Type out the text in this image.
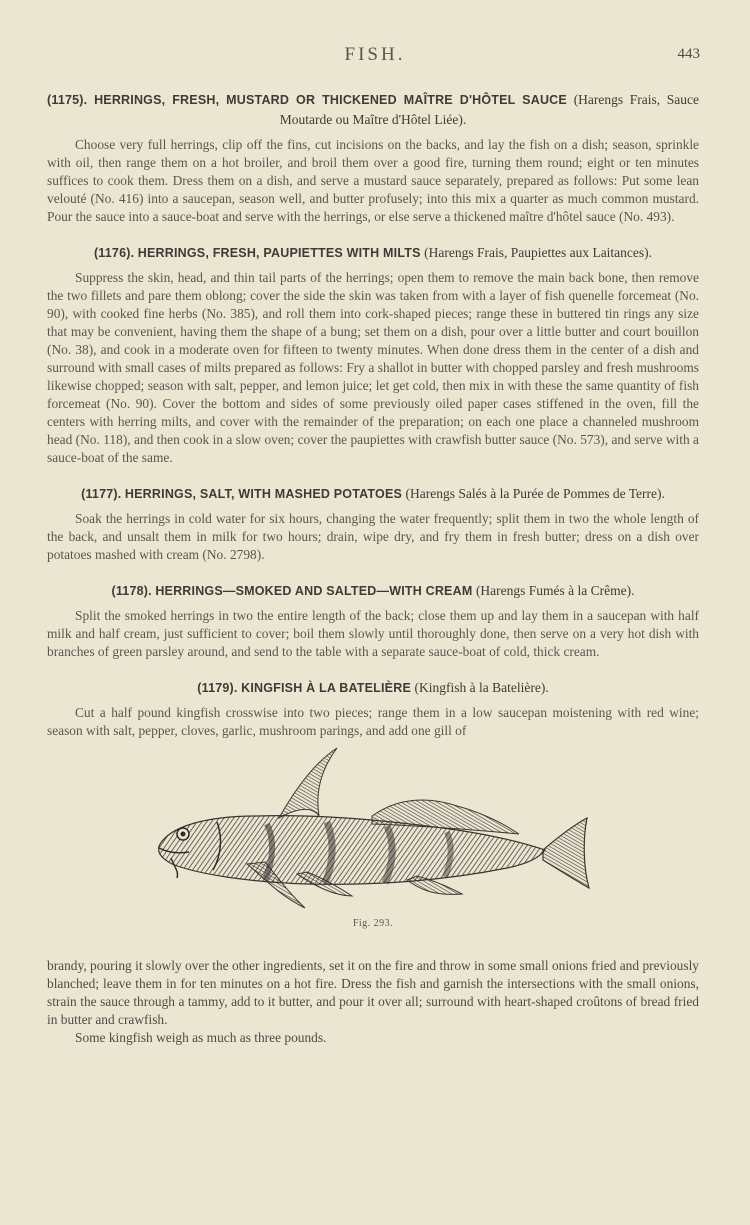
FISH.	443

(1175). HERRINGS, FRESH, MUSTARD OR THICKENED MAÎTRE D'HÔTEL SAUCE (Harengs Frais, Sauce Moutarde ou Maître d'Hôtel Liée).

Choose very full herrings, clip off the fins, cut incisions on the backs, and lay the fish on a dish; season, sprinkle with oil, then range them on a hot broiler, and broil them over a good fire, turning them round; eight or ten minutes suffices to cook them. Dress them on a dish, and serve a mustard sauce separately, prepared as follows: Put some lean velouté (No. 416) into a saucepan, season well, and butter profusely; into this mix a quarter as much common mustard. Pour the sauce into a sauce-boat and serve with the herrings, or else serve a thickened maître d'hôtel sauce (No. 493).

(1176). HERRINGS, FRESH, PAUPIETTES WITH MILTS (Harengs Frais, Paupiettes aux Laitances).

Suppress the skin, head, and thin tail parts of the herrings; open them to remove the main back bone, then remove the two fillets and pare them oblong; cover the side the skin was taken from with a layer of fish quenelle forcemeat (No. 90), with cooked fine herbs (No. 385), and roll them into cork-shaped pieces; range these in buttered tin rings any size that may be convenient, having them the shape of a bung; set them on a dish, pour over a little butter and court bouillon (No. 38), and cook in a moderate oven for fifteen to twenty minutes. When done dress them in the center of a dish and surround with small cases of milts prepared as follows: Fry a shallot in butter with chopped parsley and fresh mushrooms likewise chopped; season with salt, pepper, and lemon juice; let get cold, then mix in with these the same quantity of fish forcemeat (No. 90). Cover the bottom and sides of some previously oiled paper cases stiffened in the oven, fill the centers with herring milts, and cover with the remainder of the preparation; on each one place a channeled mushroom head (No. 118), and then cook in a slow oven; cover the paupiettes with crawfish butter sauce (No. 573), and serve with a sauce-boat of the same.

(1177). HERRINGS, SALT, WITH MASHED POTATOES (Harengs Salés à la Purée de Pommes de Terre).

Soak the herrings in cold water for six hours, changing the water frequently; split them in two the whole length of the back, and unsalt them in milk for two hours; drain, wipe dry, and fry them in fresh butter; dress on a dish over potatoes mashed with cream (No. 2798).

(1178). HERRINGS—SMOKED AND SALTED—WITH CREAM (Harengs Fumés à la Crême).

Split the smoked herrings in two the entire length of the back; close them up and lay them in a saucepan with half milk and half cream, just sufficient to cover; boil them slowly until thoroughly done, then serve on a very hot dish with branches of green parsley around, and send to the table with a separate sauce-boat of cold, thick cream.

(1179). KINGFISH À LA BATELIÈRE (Kingfish à la Batelière).

Cut a half pound kingfish crosswise into two pieces; range them in a low saucepan moistening with red wine; season with salt, pepper, cloves, garlic, mushroom parings, and add one gill of

Fig. 293.

brandy, pouring it slowly over the other ingredients, set it on the fire and throw in some small onions fried and previously blanched; leave them in for ten minutes on a hot fire. Dress the fish and garnish the intersections with the small onions, strain the sauce through a tammy, add to it butter, and pour it over all; surround with heart-shaped croûtons of bread fried in butter and crawfish.

Some kingfish weigh as much as three pounds.
